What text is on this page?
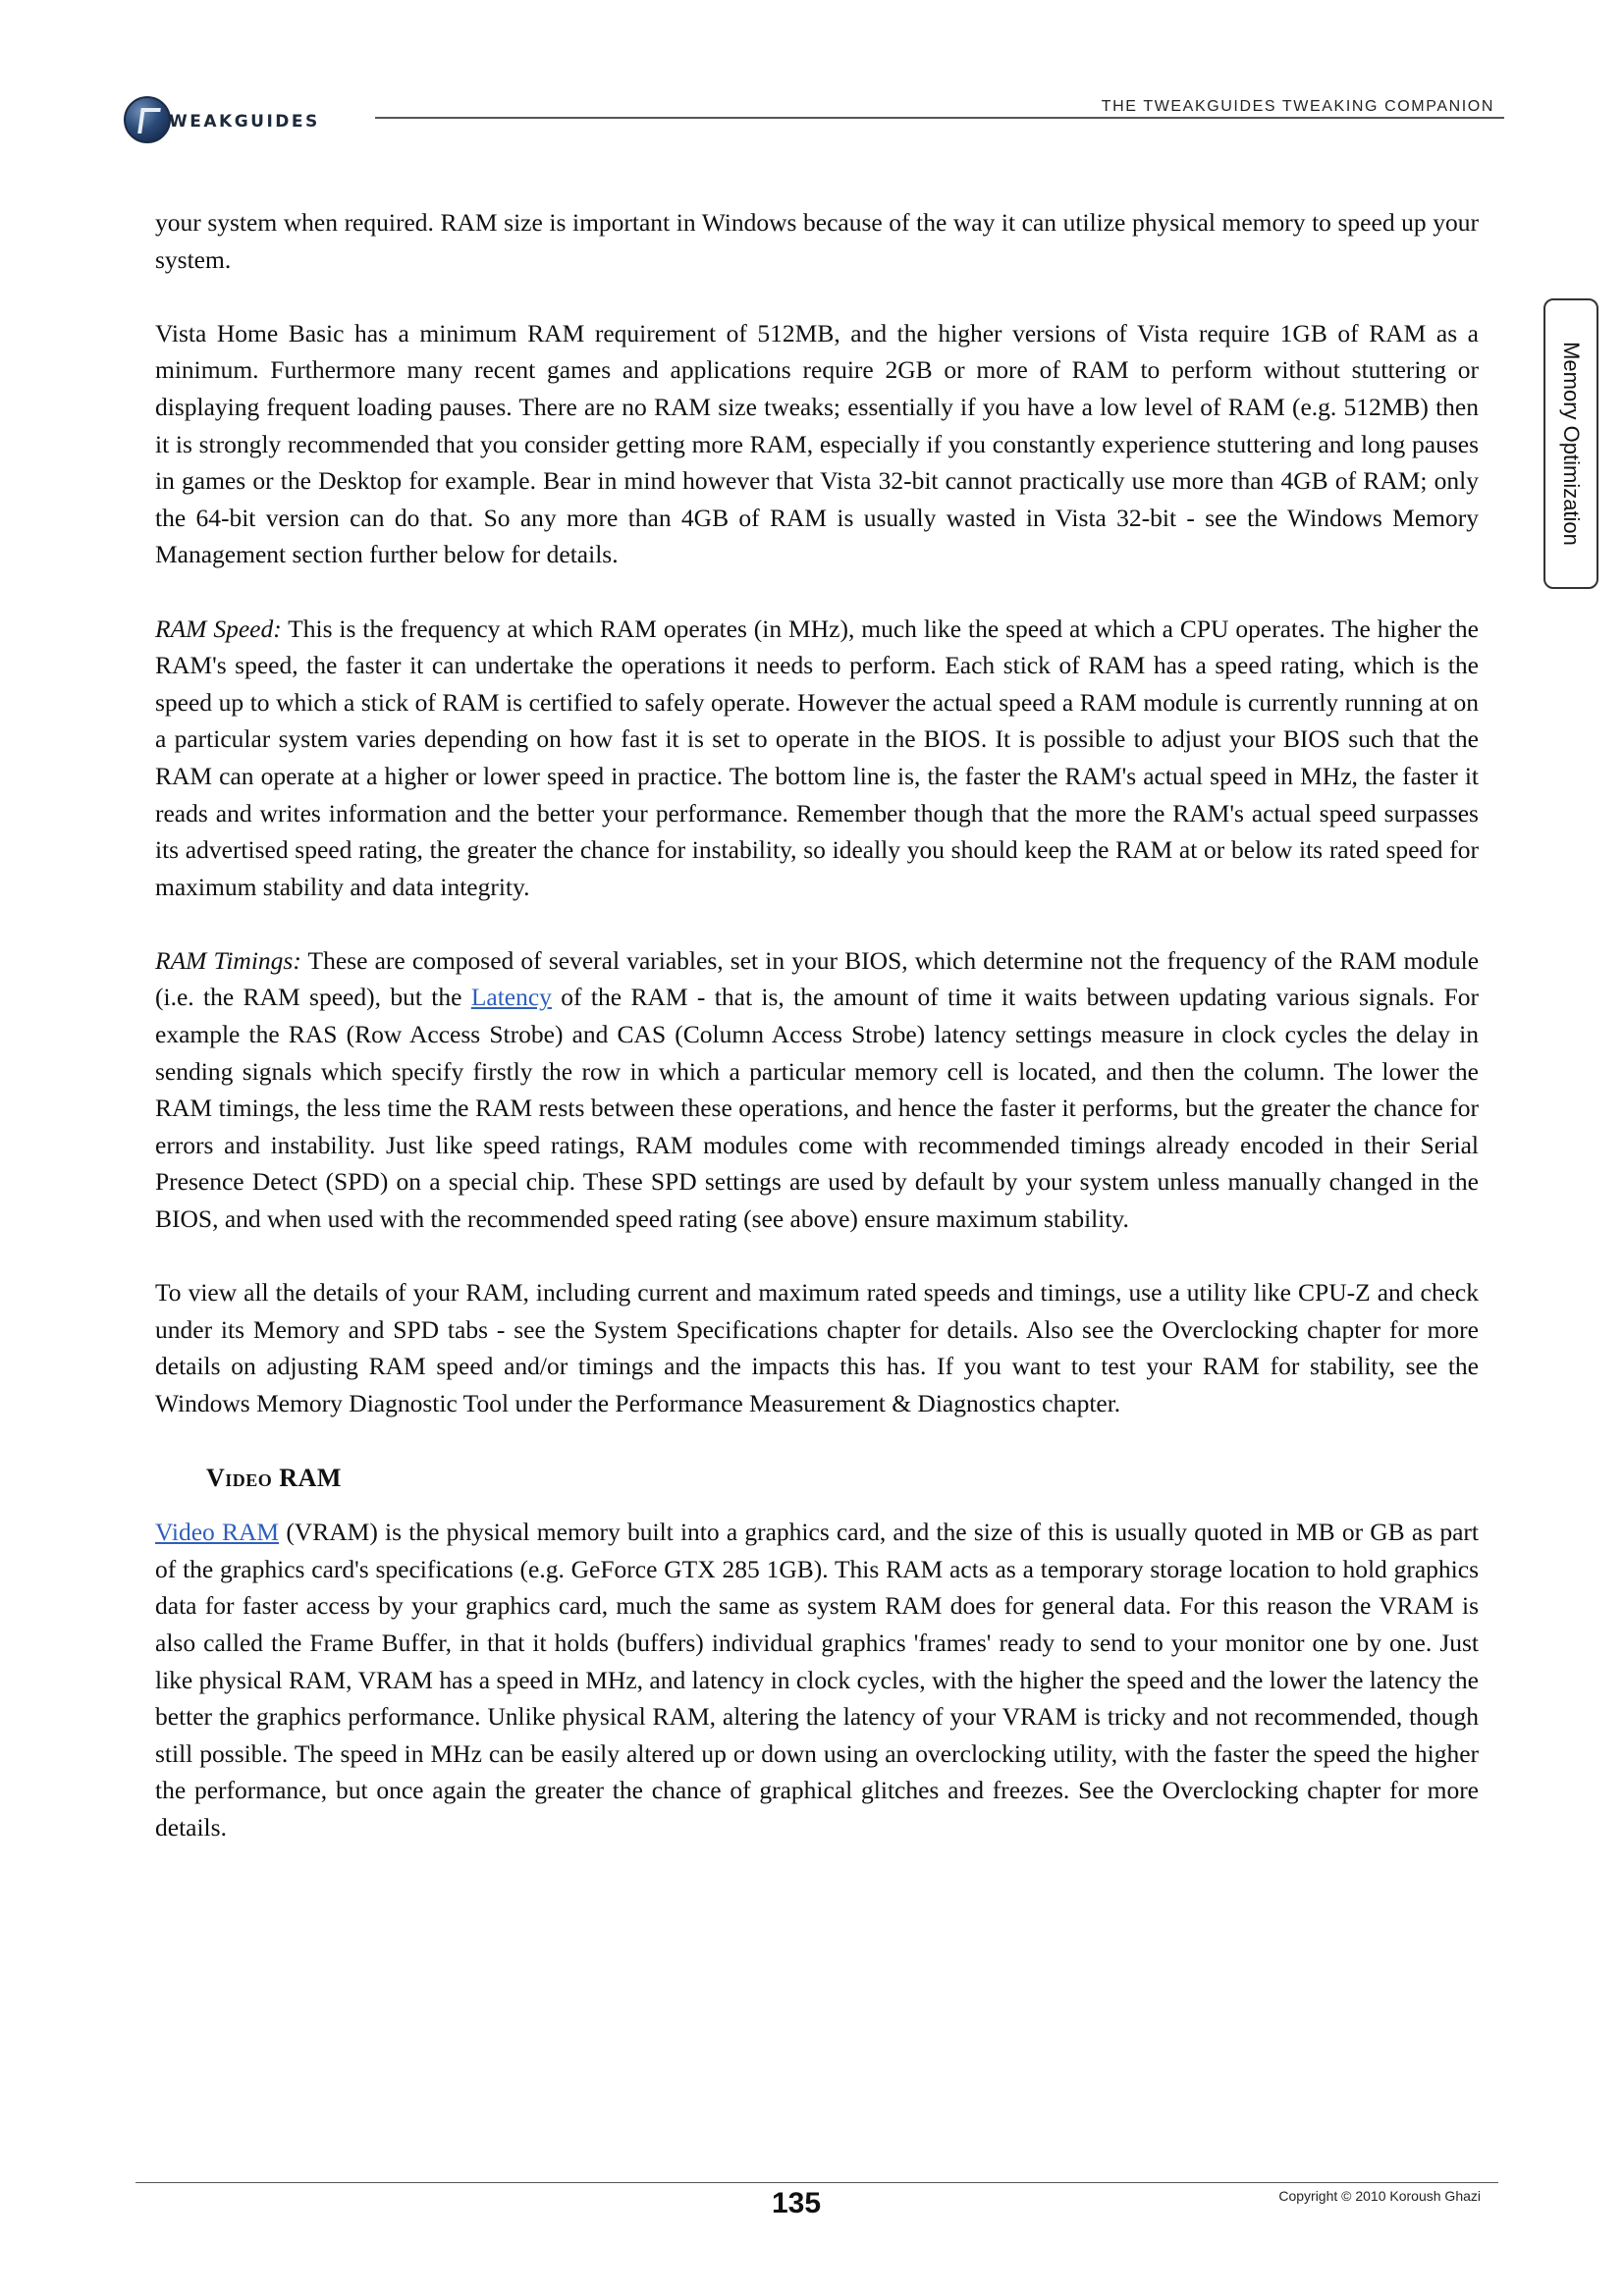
WEAKGUIDES
THE TWEAKGUIDES TWEAKING COMPANION
Memory Optimization

your system when required. RAM size is important in Windows because of the way it can utilize physical memory to speed up your system.

Vista Home Basic has a minimum RAM requirement of 512MB, and the higher versions of Vista require 1GB of RAM as a minimum. Furthermore many recent games and applications require 2GB or more of RAM to perform without stuttering or displaying frequent loading pauses. There are no RAM size tweaks; essentially if you have a low level of RAM (e.g. 512MB) then it is strongly recommended that you consider getting more RAM, especially if you constantly experience stuttering and long pauses in games or the Desktop for example. Bear in mind however that Vista 32-bit cannot practically use more than 4GB of RAM; only the 64-bit version can do that. So any more than 4GB of RAM is usually wasted in Vista 32-bit - see the Windows Memory Management section further below for details.

RAM Speed: This is the frequency at which RAM operates (in MHz), much like the speed at which a CPU operates. The higher the RAM's speed, the faster it can undertake the operations it needs to perform. Each stick of RAM has a speed rating, which is the speed up to which a stick of RAM is certified to safely operate. However the actual speed a RAM module is currently running at on a particular system varies depending on how fast it is set to operate in the BIOS. It is possible to adjust your BIOS such that the RAM can operate at a higher or lower speed in practice. The bottom line is, the faster the RAM's actual speed in MHz, the faster it reads and writes information and the better your performance. Remember though that the more the RAM's actual speed surpasses its advertised speed rating, the greater the chance for instability, so ideally you should keep the RAM at or below its rated speed for maximum stability and data integrity.

RAM Timings: These are composed of several variables, set in your BIOS, which determine not the frequency of the RAM module (i.e. the RAM speed), but the Latency of the RAM - that is, the amount of time it waits between updating various signals. For example the RAS (Row Access Strobe) and CAS (Column Access Strobe) latency settings measure in clock cycles the delay in sending signals which specify firstly the row in which a particular memory cell is located, and then the column. The lower the RAM timings, the less time the RAM rests between these operations, and hence the faster it performs, but the greater the chance for errors and instability. Just like speed ratings, RAM modules come with recommended timings already encoded in their Serial Presence Detect (SPD) on a special chip. These SPD settings are used by default by your system unless manually changed in the BIOS, and when used with the recommended speed rating (see above) ensure maximum stability.

To view all the details of your RAM, including current and maximum rated speeds and timings, use a utility like CPU-Z and check under its Memory and SPD tabs - see the System Specifications chapter for details. Also see the Overclocking chapter for more details on adjusting RAM speed and/or timings and the impacts this has. If you want to test your RAM for stability, see the Windows Memory Diagnostic Tool under the Performance Measurement & Diagnostics chapter.

Video RAM

Video RAM (VRAM) is the physical memory built into a graphics card, and the size of this is usually quoted in MB or GB as part of the graphics card's specifications (e.g. GeForce GTX 285 1GB). This RAM acts as a temporary storage location to hold graphics data for faster access by your graphics card, much the same as system RAM does for general data. For this reason the VRAM is also called the Frame Buffer, in that it holds (buffers) individual graphics 'frames' ready to send to your monitor one by one. Just like physical RAM, VRAM has a speed in MHz, and latency in clock cycles, with the higher the speed and the lower the latency the better the graphics performance. Unlike physical RAM, altering the latency of your VRAM is tricky and not recommended, though still possible. The speed in MHz can be easily altered up or down using an overclocking utility, with the faster the speed the higher the performance, but once again the greater the chance of graphical glitches and freezes. See the Overclocking chapter for more details.

135	Copyright © 2010 Koroush Ghazi
